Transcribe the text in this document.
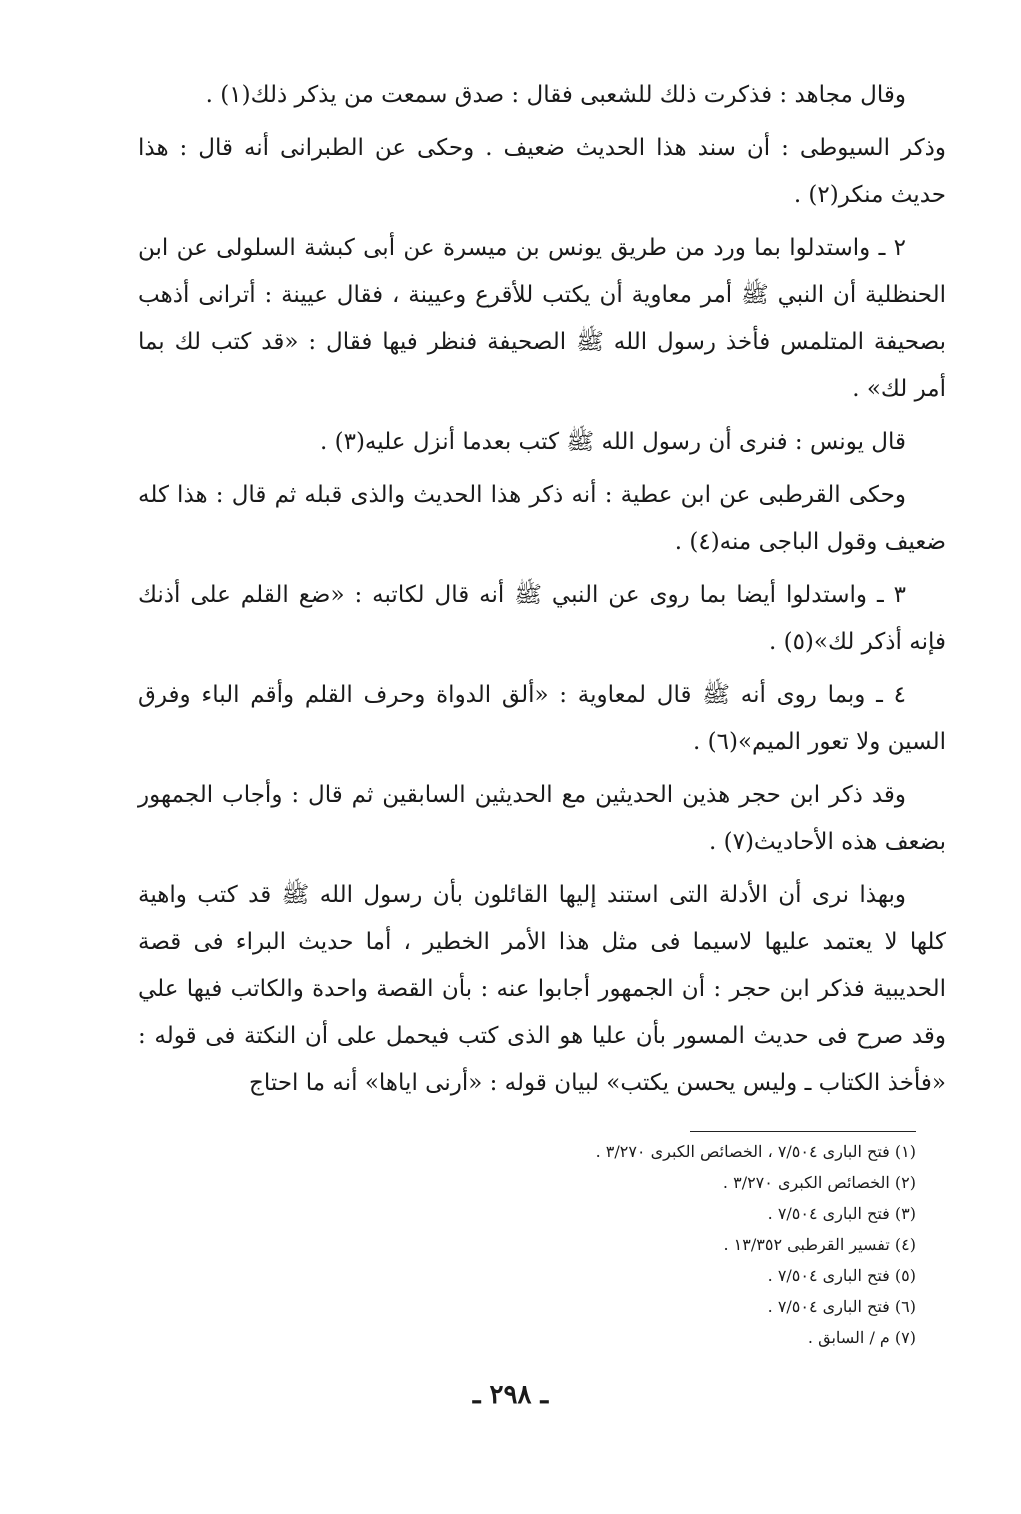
وقال مجاهد : فذكرت ذلك للشعبى فقال : صدق سمعت من يذكر ذلك(١) .

وذكر السيوطى : أن سند هذا الحديث ضعيف . وحكى عن الطبرانى أنه قال : هذا حديث منكر(٢) .

٢ ـ واستدلوا بما ورد من طريق يونس بن ميسرة عن أبى كبشة السلولى عن ابن الحنظلية أن النبي ﷺ أمر معاوية أن يكتب للأقرع وعيينة ، فقال عيينة : أترانى أذهب بصحيفة المتلمس فأخذ رسول الله ﷺ الصحيفة فنظر فيها فقال : «قد كتب لك بما أمر لك» .

قال يونس : فنرى أن رسول الله ﷺ كتب بعدما أنزل عليه(٣) .

وحكى القرطبى عن ابن عطية : أنه ذكر هذا الحديث والذى قبله ثم قال : هذا كله ضعيف وقول الباجى منه(٤) .

٣ ـ واستدلوا أيضا بما روى عن النبي ﷺ أنه قال لكاتبه : «ضع القلم على أذنك فإنه أذكر لك»(٥) .

٤ ـ وبما روى أنه ﷺ قال لمعاوية : «ألق الدواة وحرف القلم وأقم الباء وفرق السين ولا تعور الميم»(٦) .

وقد ذكر ابن حجر هذين الحديثين مع الحديثين السابقين ثم قال : وأجاب الجمهور بضعف هذه الأحاديث(٧) .

وبهذا نرى أن الأدلة التى استند إليها القائلون بأن رسول الله ﷺ قد كتب واهية كلها لا يعتمد عليها لاسيما فى مثل هذا الأمر الخطير ، أما حديث البراء فى قصة الحديبية فذكر ابن حجر : أن الجمهور أجابوا عنه : بأن القصة واحدة والكاتب فيها علي وقد صرح فى حديث المسور بأن عليا هو الذى كتب فيحمل على أن النكتة فى قوله : «فأخذ الكتاب ـ وليس يحسن يكتب» لبيان قوله : «أرنى اياها» أنه ما احتاج

(١) فتح البارى ٧/٥٠٤ ، الخصائص الكبرى ٣/٢٧٠ .
(٢) الخصائص الكبرى ٣/٢٧٠ .
(٣) فتح البارى ٧/٥٠٤ .
(٤) تفسير القرطبى ١٣/٣٥٢ .
(٥) فتح البارى ٧/٥٠٤ .
(٦) فتح البارى ٧/٥٠٤ .
(٧) م / السابق .
ـ ٢٩٨ ـ
